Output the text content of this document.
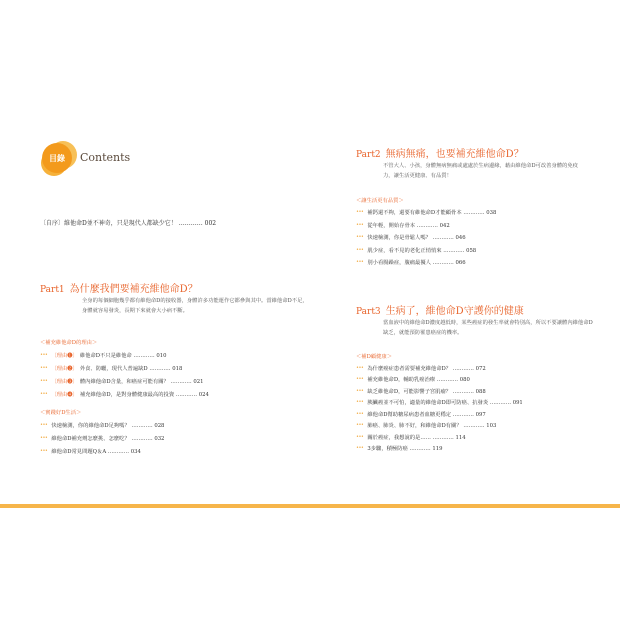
目錄	Contents
〔自序〕維他命D並不神奇，只是現代人都缺少它！ ………… 002
Part1 為什麼我們要補充維他命D？
全身的每個細胞幾乎都有維他命D的接收器，身體許多功能運作它都參與其中。當維他命D不足，身體就容易發炎，長期下來就會大小病不斷。
＜補充維他命D的理由＞
••• 〔理由❶〕 維他命D不只是維他命 ………… 010
••• 〔理由❷〕 外食、防曬，現代人普遍缺D ………… 018
••• 〔理由❸〕 體內維他命D含量，和癌症可能有關？ ………… 021
••• 〔理由❹〕 補充維他命D，是對身體健康最高的投資 ………… 024
＜實踐好D生活＞
••• 快速檢測，你的維他命D足夠嗎？ ………… 028
••• 維他命D補充劑怎麼挑、怎麼吃？ ………… 032
••• 維他命D常見問題Q＆A ………… 034
Part2 無病無痛，也要補充維他命D？
不管大人、小孩，身體無病無痛或處處於生病邊緣，藉由維他命D可改善身體的免疫力，讓生活更健康、有品質！
＜讓生活更有品質＞
••• 補鈣還不夠，還要有維他命D才能顧骨本 ………… 038
••• 從年輕，開始存骨本 ………… 042
••• 快速檢測，你是骨鬆人嗎？ ………… 046
••• 肌少症，看不見的老化正悄悄來 ………… 058
••• 別小看腸躁症，腹痛最擾人 ………… 066
Part3 生病了，維他命D守護你的健康
當血液中的維他命D濃度越低時，某些癌症的發生率就會特別高，所以不要讓體內維他命D缺乏，就能預防罹患癌症的機率。
＜補D顧健康＞
••• 為什麼癌症患者需要補充維他命D？ ………… 072
••• 補充維他命D，輔助乳癌治療 ………… 080
••• 缺乏維他命D，可能影響子宮肌瘤？ ………… 088
••• 胰臟癌並不可怕，適量的維他命D即可防癌、抗發炎 ………… 091
••• 維他命D幫助糖尿病患者血糖更穩定 ………… 097
••• 肺癌、肺炎、肺不好，和維他命D有關？ ………… 103
••• 關於癌症，我想說的是…… ………… 114
••• 3步驟，積極防癌 ………… 119
